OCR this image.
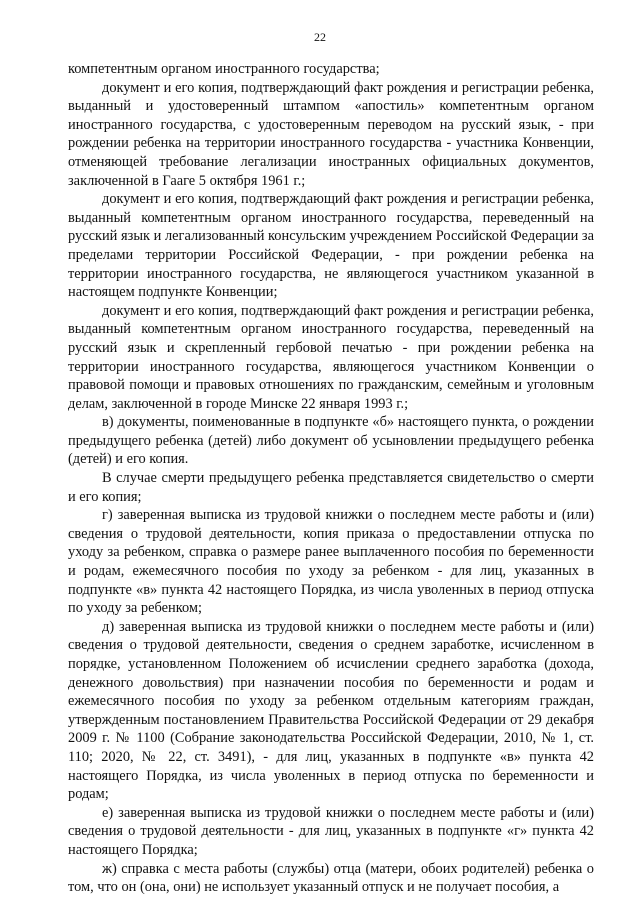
22

компетентным органом иностранного государства;

документ и его копия, подтверждающий факт рождения и регистрации ребенка, выданный и удостоверенный штампом «апостиль» компетентным органом иностранного государства, с удостоверенным переводом на русский язык, - при рождении ребенка на территории иностранного государства - участника Конвенции, отменяющей требование легализации иностранных официальных документов, заключенной в Гааге 5 октября 1961 г.;

документ и его копия, подтверждающий факт рождения и регистрации ребенка, выданный компетентным органом иностранного государства, переведенный на русский язык и легализованный консульским учреждением Российской Федерации за пределами территории Российской Федерации, - при рождении ребенка на территории иностранного государства, не являющегося участником указанной в настоящем подпункте Конвенции;

документ и его копия, подтверждающий факт рождения и регистрации ребенка, выданный компетентным органом иностранного государства, переведенный на русский язык и скрепленный гербовой печатью - при рождении ребенка на территории иностранного государства, являющегося участником Конвенции о правовой помощи и правовых отношениях по гражданским, семейным и уголовным делам, заключенной в городе Минске 22 января 1993 г.;

в) документы, поименованные в подпункте «б» настоящего пункта, о рождении предыдущего ребенка (детей) либо документ об усыновлении предыдущего ребенка (детей) и его копия.

В случае смерти предыдущего ребенка представляется свидетельство о смерти и его копия;

г) заверенная выписка из трудовой книжки о последнем месте работы и (или) сведения о трудовой деятельности, копия приказа о предоставлении отпуска по уходу за ребенком, справка о размере ранее выплаченного пособия по беременности и родам, ежемесячного пособия по уходу за ребенком - для лиц, указанных в подпункте «в» пункта 42 настоящего Порядка, из числа уволенных в период отпуска по уходу за ребенком;

д) заверенная выписка из трудовой книжки о последнем месте работы и (или) сведения о трудовой деятельности, сведения о среднем заработке, исчисленном в порядке, установленном Положением об исчислении среднего заработка (дохода, денежного довольствия) при назначении пособия по беременности и родам и ежемесячного пособия по уходу за ребенком отдельным категориям граждан, утвержденным постановлением Правительства Российской Федерации от 29 декабря 2009 г. № 1100 (Собрание законодательства Российской Федерации, 2010, № 1, ст. 110; 2020, № 22, ст. 3491), - для лиц, указанных в подпункте «в» пункта 42 настоящего Порядка, из числа уволенных в период отпуска по беременности и родам;

е) заверенная выписка из трудовой книжки о последнем месте работы и (или) сведения о трудовой деятельности - для лиц, указанных в подпункте «г» пункта 42 настоящего Порядка;

ж) справка с места работы (службы) отца (матери, обоих родителей) ребенка о том, что он (она, они) не использует указанный отпуск и не получает пособия, а
